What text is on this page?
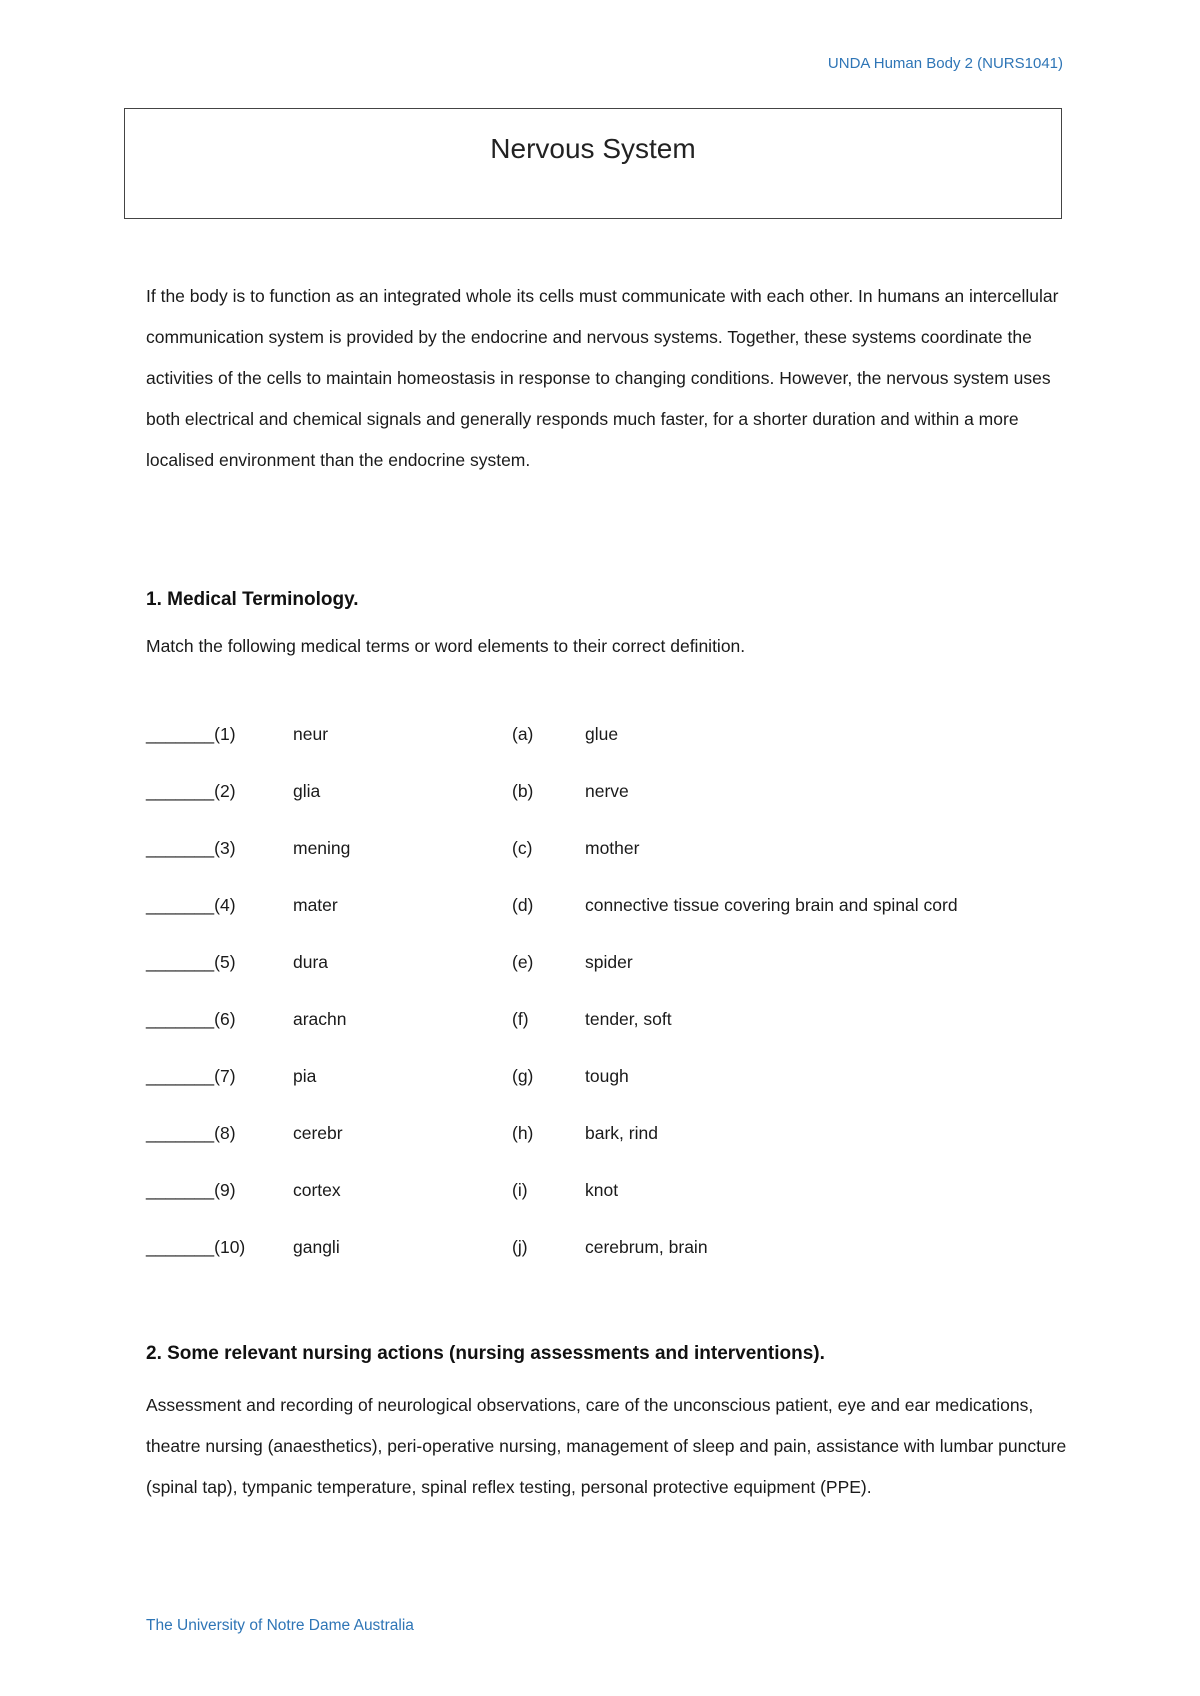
UNDA Human Body 2 (NURS1041)
Nervous System

If the body is to function as an integrated whole its cells must communicate with each other. In humans an intercellular communication system is provided by the endocrine and nervous systems. Together, these systems coordinate the activities of the cells to maintain homeostasis in response to changing conditions. However, the nervous system uses both electrical and chemical signals and generally responds much faster, for a shorter duration and within a more localised environment than the endocrine system.

1. Medical Terminology.

Match the following medical terms or word elements to their correct definition.

_______(1)	neur	(a)	glue
_______(2)	glia	(b)	nerve
_______(3)	mening	(c)	mother
_______(4)	mater	(d)	connective tissue covering brain and spinal cord
_______(5)	dura	(e)	spider
_______(6)	arachn	(f)	tender, soft
_______(7)	pia	(g)	tough
_______(8)	cerebr	(h)	bark, rind
_______(9)	cortex	(i)	knot
_______(10)	gangli	(j)	cerebrum, brain
2. Some relevant nursing actions (nursing assessments and interventions).

Assessment and recording of neurological observations, care of the unconscious patient, eye and ear medications, theatre nursing (anaesthetics), peri-operative nursing, management of sleep and pain, assistance with lumbar puncture (spinal tap), tympanic temperature, spinal reflex testing, personal protective equipment (PPE).

The University of Notre Dame Australia
